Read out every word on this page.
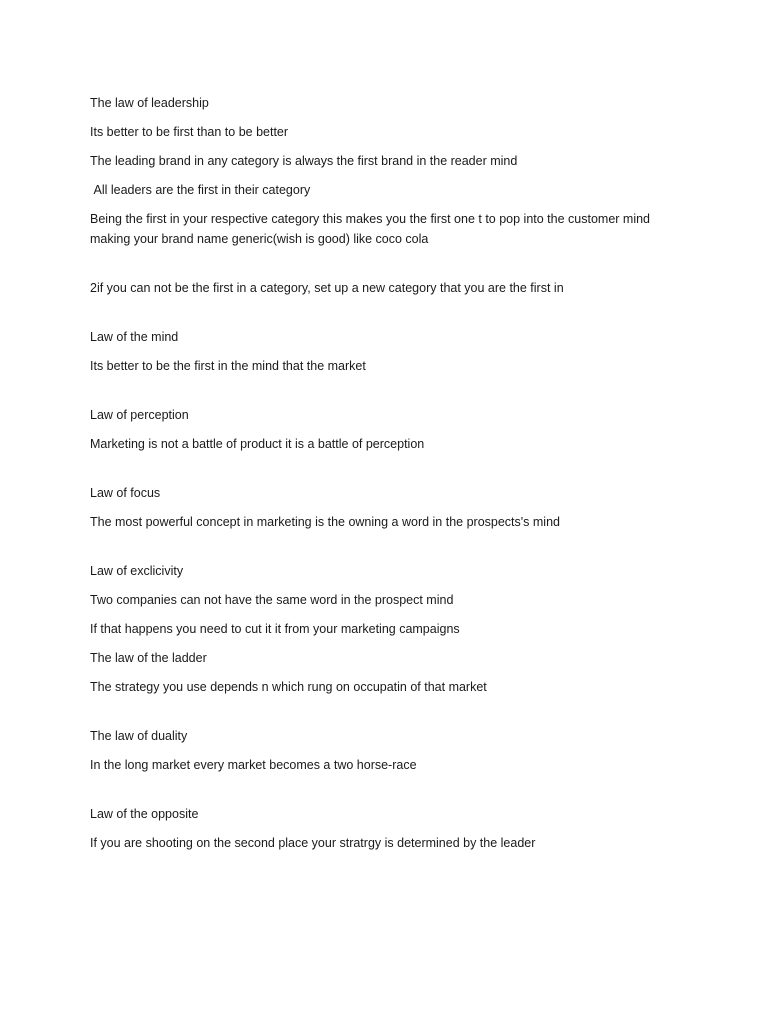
The law of leadership

Its better to be first than to be better

The leading brand in any category is always the first brand in the reader mind

All leaders are the first in their category

Being the first in your respective category this makes you the first one t to pop into the customer mind making your brand name generic(wish is good) like coco cola

2if you can not be the first in a category, set up a new category that you are the first in

Law of the mind

Its better to be the first in the mind that the market

Law of perception

Marketing is not a battle of product it is a battle of perception

Law of focus

The most powerful concept in marketing is the owning a word in the prospects's mind

Law of exclicivity

Two companies can not have the same word in the prospect mind

If that happens you need to cut it it from your marketing campaigns

The law of the ladder

The strategy you use depends n which rung on occupatin of that market

The law of duality

In the long market every market becomes a two horse-race

Law of the opposite

If you are shooting on the second place your stratrgy is determined by the leader
